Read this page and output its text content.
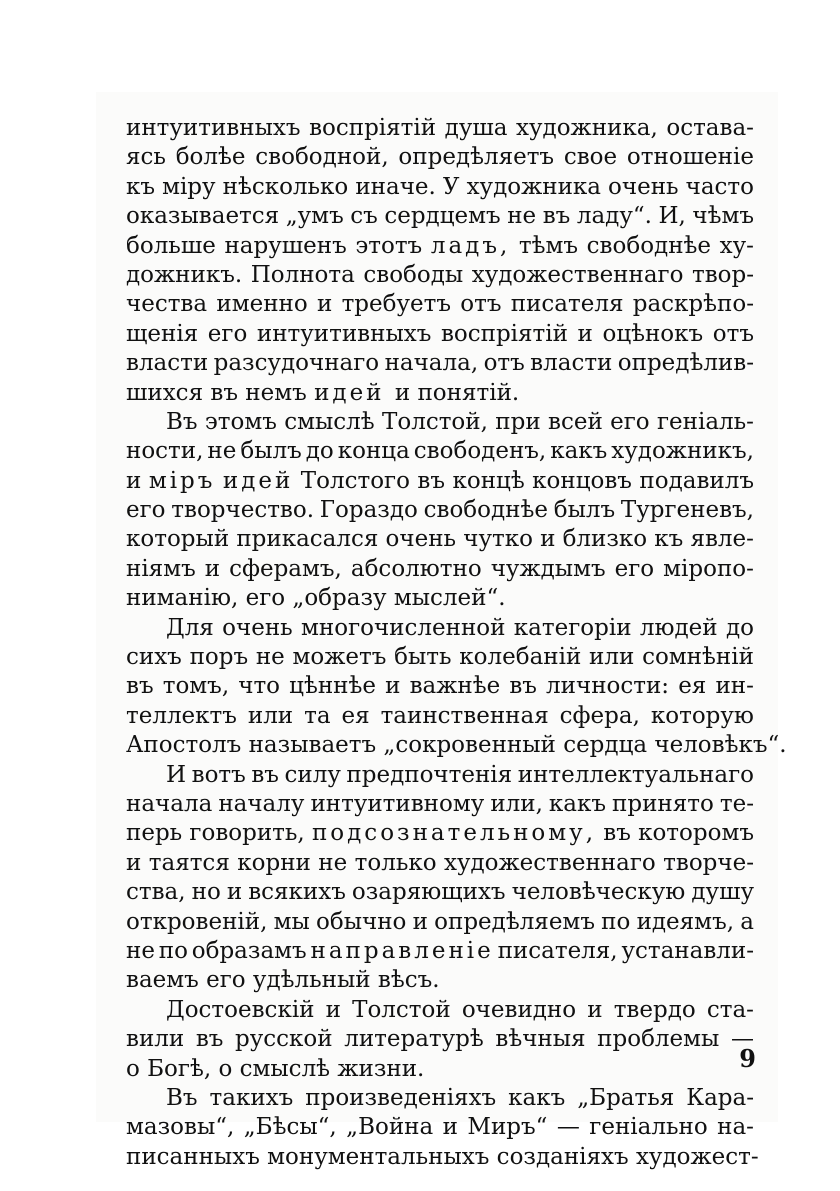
интуитивныхъ воспріятій душа художника, остава-
ясь болѣе свободной, опредѣляетъ свое отношеніе
къ міру нѣсколько иначе. У художника очень часто
оказывается „умъ съ сердцемъ не въ ладу“. И, чѣмъ
больше нарушенъ этотъ ладъ, тѣмъ свободнѣе ху-
дожникъ. Полнота свободы художественнаго твор-
чества именно и требуетъ отъ писателя раскрѣпо-
щенія его интуитивныхъ воспріятій и оцѣнокъ отъ
власти разсудочнаго начала, отъ власти опредѣлив-
шихся въ немъ идей и понятій.
Въ этомъ смыслѣ Толстой, при всей его геніаль-
ности, не былъ до конца свободенъ, какъ художникъ,
и міръ идей Толстого въ концѣ концовъ подавилъ
его творчество. Гораздо свободнѣе былъ Тургеневъ,
который прикасался очень чутко и близко къ явле-
ніямъ и сферамъ, абсолютно чуждымъ его міропо-
ниманію, его „образу мыслей“.
Для очень многочисленной категоріи людей до
сихъ поръ не можетъ быть колебаній или сомнѣній
въ томъ, что цѣннѣе и важнѣе въ личности: ея ин-
теллектъ или та ея таинственная сфера, которую
Апостолъ называетъ „сокровенный сердца человѣкъ“.
И вотъ въ силу предпочтенія интеллектуальнаго
начала началу интуитивному или, какъ принято те-
перь говорить, подсознательному, въ которомъ
и таятся корни не только художественнаго творче-
ства, но и всякихъ озаряющихъ человѣческую душу
откровеній, мы обычно и опредѣляемъ по идеямъ, а
не по образамъ направленіе писателя, устанавли-
ваемъ его удѣльный вѣсъ.
Достоевскій и Толстой очевидно и твердо ста-
вили въ русской литературѣ вѣчныя проблемы —
о Богѣ, о смыслѣ жизни.
Въ такихъ произведеніяхъ какъ „Братья Кара-
мазовы“, „Бѣсы“, „Война и Миръ“ — геніально на-
писанныхъ монументальныхъ созданіяхъ художест-
9
